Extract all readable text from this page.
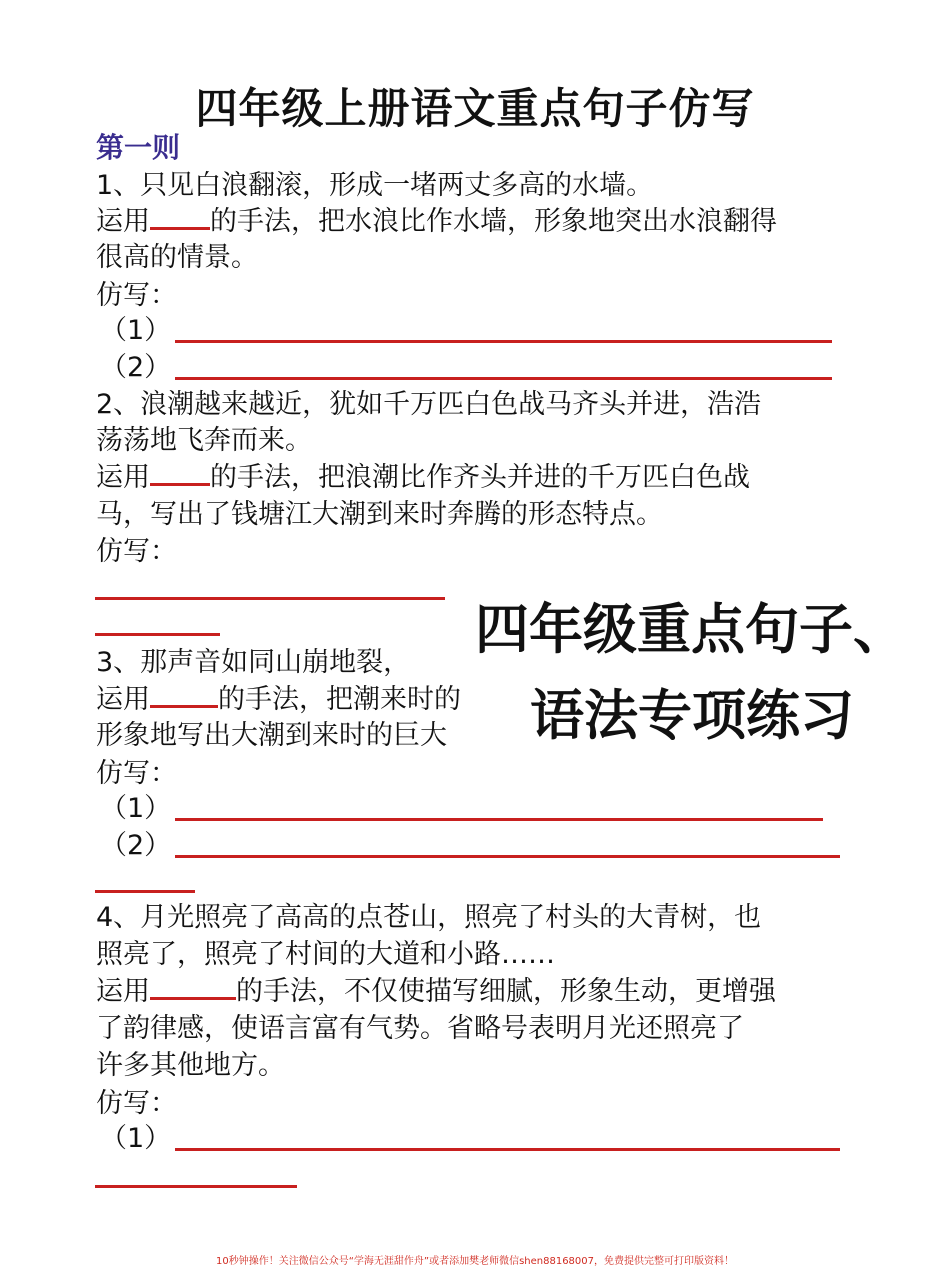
四年级上册语文重点句子仿写
第一则
1、只见白浪翻滚，形成一堵两丈多高的水墙。
运用 的手法，把水浪比作水墙，形象地突出水浪翻得
很高的情景。
仿写：
（1）
（2）
2、浪潮越来越近，犹如千万匹白色战马齐头并进，浩浩
荡荡地飞奔而来。
运用 的手法，把浪潮比作齐头并进的千万匹白色战
马，写出了钱塘江大潮到来时奔腾的形态特点。
仿写：
3、那声音如同山崩地裂，
运用	的手法，把潮来时的
形象地写出大潮到来时的巨大
仿写：
（1）
（2）
四年级重点句子、
语法专项练习
4、月光照亮了高高的点苍山，照亮了村头的大青树，也
照亮了，照亮了村间的大道和小路……
运用	的手法，不仅使描写细腻，形象生动，更增强
了韵律感，使语言富有气势。省略号表明月光还照亮了
许多其他地方。
仿写：
（1）
10秒钟操作！关注微信公众号“学海无涯甜作舟”或者添加樊老师微信shen88168007，免费提供完整可打印版资料！
